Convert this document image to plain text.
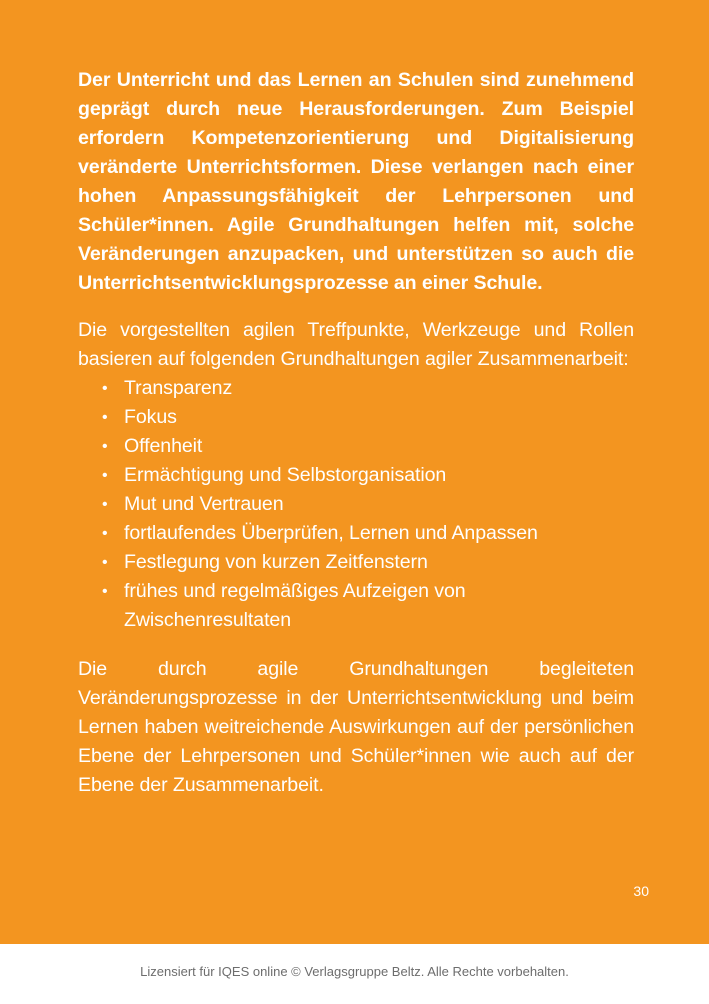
Der Unterricht und das Lernen an Schulen sind zunehmend geprägt durch neue Herausforderungen. Zum Beispiel erfordern Kompetenzorientierung und Digitalisierung veränderte Unterrichtsformen. Diese verlangen nach einer hohen Anpassungsfähigkeit der Lehrpersonen und Schüler*innen. Agile Grundhaltungen helfen mit, solche Veränderungen anzupacken, und unterstützen so auch die Unterrichtsentwicklungsprozesse an einer Schule.

Die vorgestellten agilen Treffpunkte, Werkzeuge und Rollen basieren auf folgenden Grundhaltungen agiler Zusammenarbeit:

• Transparenz
• Fokus
• Offenheit
• Ermächtigung und Selbstorganisation
• Mut und Vertrauen
• fortlaufendes Überprüfen, Lernen und Anpassen
• Festlegung von kurzen Zeitfenstern
• frühes und regelmäßiges Aufzeigen von Zwischenresultaten

Die durch agile Grundhaltungen begleiteten Veränderungsprozesse in der Unterrichtsentwicklung und beim Lernen haben weitreichende Auswirkungen auf der persönlichen Ebene der Lehrpersonen und Schüler*innen wie auch auf der Ebene der Zusammenarbeit.

30
Lizensiert für IQES online © Verlagsgruppe Beltz. Alle Rechte vorbehalten.
